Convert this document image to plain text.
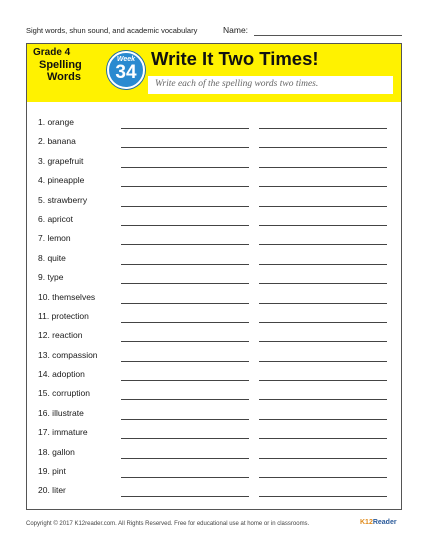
Sight words, shun sound, and academic vocabulary	Name:
Grade 4
Spelling
Words
Week
34
Write It Two Times!
Write each of the spelling words two times.
1. orange
2. banana
3. grapefruit
4. pineapple
5. strawberry
6. apricot
7. lemon
8. quite
9. type
10. themselves
11. protection
12. reaction
13. compassion
14. adoption
15. corruption
16. illustrate
17. immature
18. gallon
19. pint
20. liter
Copyright © 2017 K12reader.com. All Rights Reserved. Free for educational use at home or in classrooms.	K12Reader
